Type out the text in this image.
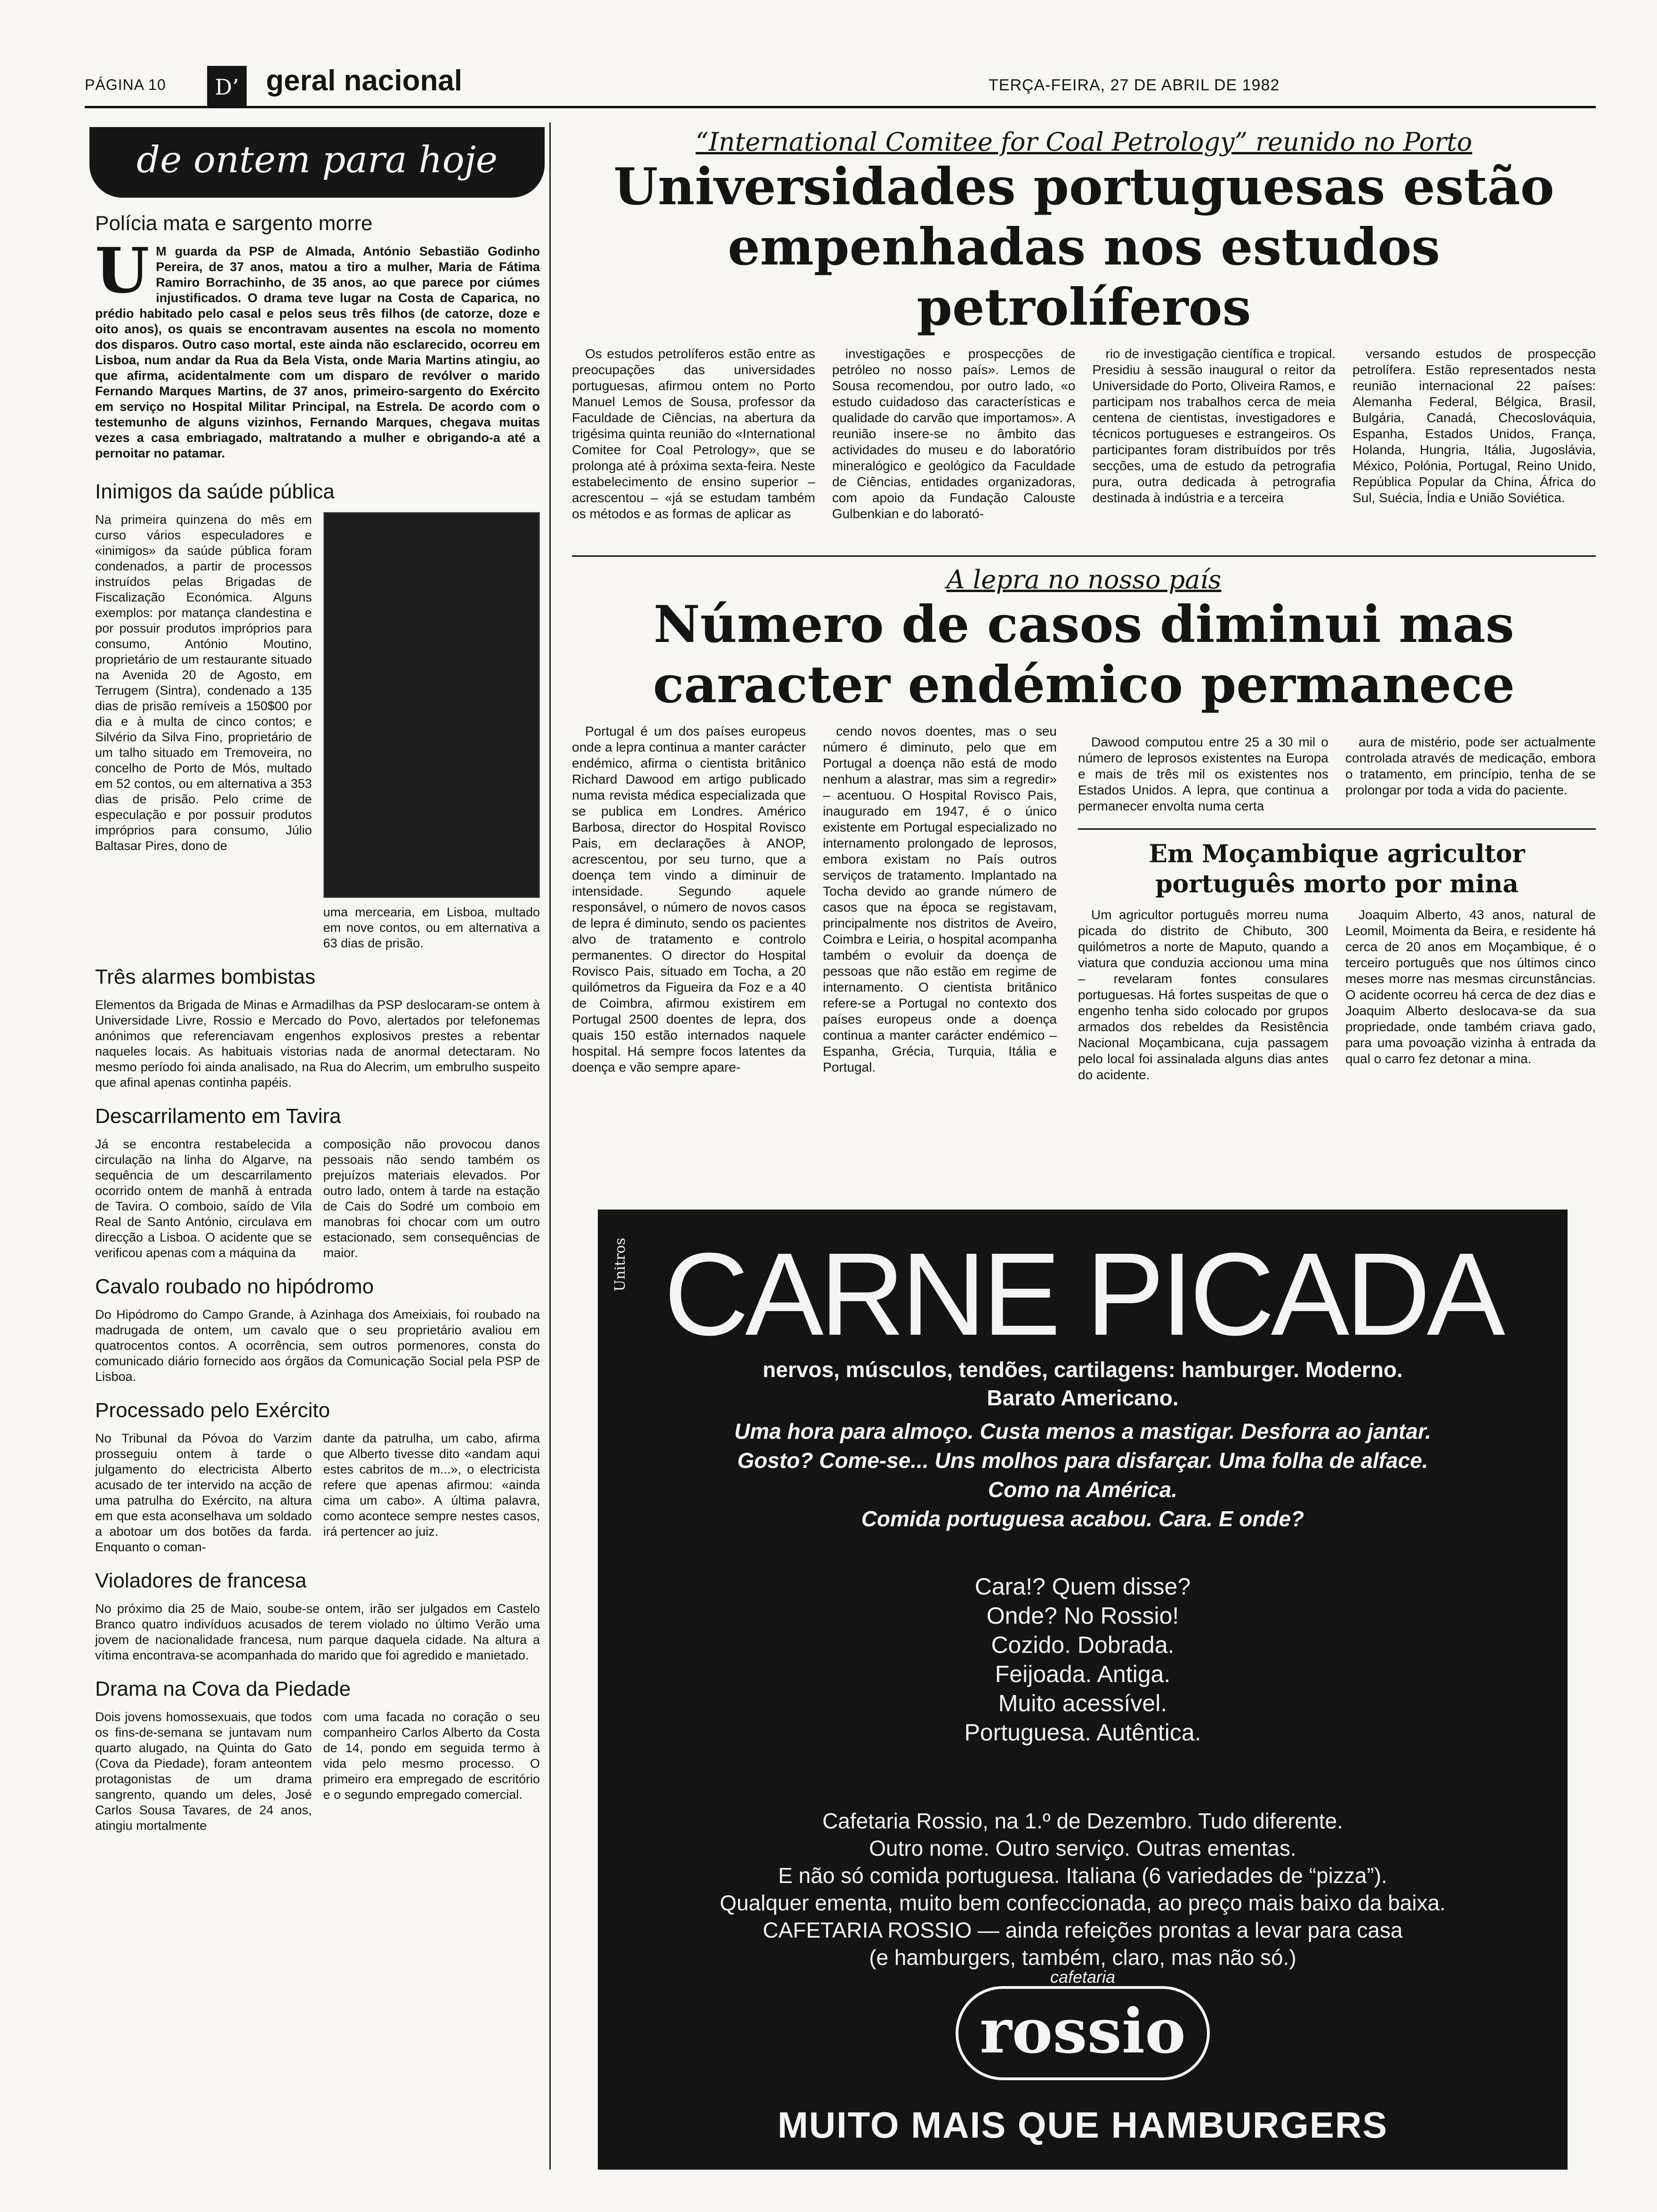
PÁGINA 10	D’ geral nacional	TERÇA-FEIRA, 27 DE ABRIL DE 1982
de ontem para hoje
Polícia mata e sargento morre
U M guarda da PSP de Almada, António Sebastião Godinho Pereira, de 37 anos, matou a tiro a mulher, Maria de Fátima Ramiro Borrachinho, de 35 anos, ao que parece por ciúmes injustificados. O drama teve lugar na Costa de Caparica, no prédio habitado pelo casal e pelos seus três filhos (de catorze, doze e oito anos), os quais se encontravam ausentes na escola no momento dos disparos. Outro caso mortal, este ainda não esclarecido, ocorreu em Lisboa, num andar da Rua da Bela Vista, onde Maria Martins atingiu, ao que afirma, acidentalmente com um disparo de revólver o marido Fernando Marques Martins, de 37 anos, primeiro-sargento do Exército em serviço no Hospital Militar Principal, na Estrela. De acordo com o testemunho de alguns vizinhos, Fernando Marques, chegava muitas vezes a casa embriagado, maltratando a mulher e obrigando-a até a pernoitar no patamar.
Inimigos da saúde pública
Na primeira quinzena do mês em curso vários especuladores e «inimigos» da saúde pública foram condenados, a partir de processos instruídos pelas Brigadas de Fiscalização Económica. Alguns exemplos: por matança clandestina e por possuir produtos impróprios para consumo, António Moutino, proprietário de um restaurante situado na Avenida 20 de Agosto, em Terrugem (Sintra), condenado a 135 dias de prisão remíveis a 150$00 por dia e à multa de cinco contos; e Silvério da Silva Fino, proprietário de um talho situado em Tremoveira, no concelho de Porto de Mós, multado em 52 contos, ou em alternativa a 353 dias de prisão. Pelo crime de especulação e por possuir produtos impróprios para consumo, Júlio Baltasar Pires, dono de
uma mercearia, em Lisboa, multado em nove contos, ou em alternativa a 63 dias de prisão.
Três alarmes bombistas
Elementos da Brigada de Minas e Armadilhas da PSP deslocaram-se ontem à Universidade Livre, Rossio e Mercado do Povo, alertados por telefonemas anónimos que referenciavam engenhos explosivos prestes a rebentar naqueles locais. As habituais vistorias nada de anormal detectaram. No mesmo período foi ainda analisado, na Rua do Alecrim, um embrulho suspeito que afinal apenas continha papéis.
Descarrilamento em Tavira
Já se encontra restabelecida a circulação na linha do Algarve, na sequência de um descarrilamento ocorrido ontem de manhã à entrada de Tavira. O comboio, saído de Vila Real de Santo António, circulava em direcção a Lisboa. O acidente que se verificou apenas com a máquina da
composição não provocou danos pessoais não sendo também os prejuízos materiais elevados. Por outro lado, ontem à tarde na estação de Cais do Sodré um comboio em manobras foi chocar com um outro estacionado, sem consequências de maior.
Cavalo roubado no hipódromo
Do Hipódromo do Campo Grande, à Azinhaga dos Ameixiais, foi roubado na madrugada de ontem, um cavalo que o seu proprietário avaliou em quatrocentos contos. A ocorrência, sem outros pormenores, consta do comunicado diário fornecido aos órgãos da Comunicação Social pela PSP de Lisboa.
Processado pelo Exército
No Tribunal da Póvoa do Varzim prosseguiu ontem à tarde o julgamento do electricista Alberto acusado de ter intervido na acção de uma patrulha do Exército, na altura em que esta aconselhava um soldado a abotoar um dos botões da farda. Enquanto o coman-
dante da patrulha, um cabo, afirma que Alberto tivesse dito «andam aqui estes cabritos de m...», o electricista refere que apenas afirmou: «ainda cima um cabo». A última palavra, como acontece sempre nestes casos, irá pertencer ao juiz.
Violadores de francesa
No próximo dia 25 de Maio, soube-se ontem, irão ser julgados em Castelo Branco quatro indivíduos acusados de terem violado no último Verão uma jovem de nacionalidade francesa, num parque daquela cidade. Na altura a vítima encontrava-se acompanhada do marido que foi agredido e manietado.
Drama na Cova da Piedade
Dois jovens homossexuais, que todos os fins-de-semana se juntavam num quarto alugado, na Quinta do Gato (Cova da Piedade), foram anteontem protagonistas de um drama sangrento, quando um deles, José Carlos Sousa Tavares, de 24 anos, atingiu mortalmente
com uma facada no coração o seu companheiro Carlos Alberto da Costa de 14, pondo em seguida termo à vida pelo mesmo processo. O primeiro era empregado de escritório e o segundo empregado comercial.
“International Comitee for Coal Petrology” reunido no Porto
Universidades portuguesas estão empenhadas nos estudos petrolíferos
Os estudos petrolíferos estão entre as preocupações das universidades portuguesas, afirmou ontem no Porto Manuel Lemos de Sousa, professor da Faculdade de Ciências, na abertura da trigésima quinta reunião do «International Comitee for Coal Petrology», que se prolonga até à próxima sexta-feira. Neste estabelecimento de ensino superior – acrescentou – «já se estudam também os métodos e as formas de aplicar as
investigações e prospecções de petróleo no nosso país». Lemos de Sousa recomendou, por outro lado, «o estudo cuidadoso das características e qualidade do carvão que importamos». A reunião insere-se no âmbito das actividades do museu e do laboratório mineralógico e geológico da Faculdade de Ciências, entidades organizadoras, com apoio da Fundação Calouste Gulbenkian e do laborató-
rio de investigação científica e tropical. Presidiu à sessão inaugural o reitor da Universidade do Porto, Oliveira Ramos, e participam nos trabalhos cerca de meia centena de cientistas, investigadores e técnicos portugueses e estrangeiros. Os participantes foram distribuídos por três secções, uma de estudo da petrografia pura, outra dedicada à petrografia destinada à indústria e a terceira
versando estudos de prospecção petrolífera. Estão representados nesta reunião internacional 22 países: Alemanha Federal, Bélgica, Brasil, Bulgária, Canadá, Checoslováquia, Espanha, Estados Unidos, França, Holanda, Hungria, Itália, Jugoslávia, México, Polónia, Portugal, Reino Unido, República Popular da China, África do Sul, Suécia, Índia e União Soviética.
A lepra no nosso país
Número de casos diminui mas caracter endémico permanece
Portugal é um dos países europeus onde a lepra continua a manter carácter endémico, afirma o cientista britânico Richard Dawood em artigo publicado numa revista médica especializada que se publica em Londres. Américo Barbosa, director do Hospital Rovisco Pais, em declarações à ANOP, acrescentou, por seu turno, que a doença tem vindo a diminuir de intensidade. Segundo aquele responsável, o número de novos casos de lepra é diminuto, sendo os pacientes alvo de tratamento e controlo permanentes. O director do Hospital Rovisco Pais, situado em Tocha, a 20 quilómetros da Figueira da Foz e a 40 de Coimbra, afirmou existirem em Portugal 2500 doentes de lepra, dos quais 150 estão internados naquele hospital. Há sempre focos latentes da doença e vão sempre apare-
cendo novos doentes, mas o seu número é diminuto, pelo que em Portugal a doença não está de modo nenhum a alastrar, mas sim a regredir» – acentuou. O Hospital Rovisco Pais, inaugurado em 1947, é o único existente em Portugal especializado no internamento prolongado de leprosos, embora existam no País outros serviços de tratamento. Implantado na Tocha devido ao grande número de casos que na época se registavam, principalmente nos distritos de Aveiro, Coimbra e Leiria, o hospital acompanha também o evoluir da doença de pessoas que não estão em regime de internamento. O cientista britânico refere-se a Portugal no contexto dos países europeus onde a doença continua a manter carácter endémico – Espanha, Grécia, Turquia, Itália e Portugal.
Dawood computou entre 25 a 30 mil o número de leprosos existentes na Europa e mais de três mil os existentes nos Estados Unidos. A lepra, que continua a permanecer envolta numa certa
aura de mistério, pode ser actualmente controlada através de medicação, embora o tratamento, em princípio, tenha de se prolongar por toda a vida do paciente.
Em Moçambique agricultor português morto por mina
Um agricultor português morreu numa picada do distrito de Chibuto, 300 quilómetros a norte de Maputo, quando a viatura que conduzia accionou uma mina – revelaram fontes consulares portuguesas. Há fortes suspeitas de que o engenho tenha sido colocado por grupos armados dos rebeldes da Resistência Nacional Moçambicana, cuja passagem pelo local foi assinalada alguns dias antes do acidente.
Joaquim Alberto, 43 anos, natural de Leomil, Moimenta da Beira, e residente há cerca de 20 anos em Moçambique, é o terceiro português que nos últimos cinco meses morre nas mesmas circunstâncias. O acidente ocorreu há cerca de dez dias e Joaquim Alberto deslocava-se da sua propriedade, onde também criava gado, para uma povoação vizinha à entrada da qual o carro fez detonar a mina.
Unitros CARNE PICADA
nervos, músculos, tendões, cartilagens: hamburger. Moderno.
Barato Americano.
Uma hora para almoço. Custa menos a mastigar. Desforra ao jantar.
Gosto? Come-se... Uns molhos para disfarçar. Uma folha de alface.
Como na América.
Comida portuguesa acabou. Cara. E onde?
Cara!? Quem disse?
Onde? No Rossio!
Cozido. Dobrada.
Feijoada. Antiga.
Muito acessível.
Portuguesa. Autêntica.
Cafetaria Rossio, na 1.º de Dezembro. Tudo diferente.
Outro nome. Outro serviço. Outras ementas.
E não só comida portuguesa. Italiana (6 variedades de “pizza”).
Qualquer ementa, muito bem confeccionada, ao preço mais baixo da baixa.
CAFETARIA ROSSIO — ainda refeições prontas a levar para casa
(e hamburgers, também, claro, mas não só.)
cafetaria
rossio
MUITO MAIS QUE HAMBURGERS
